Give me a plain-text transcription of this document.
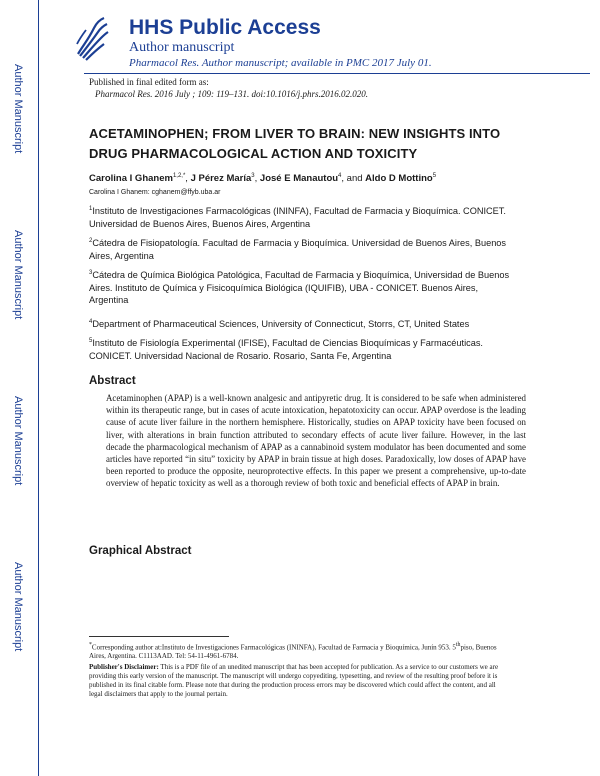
Author Manuscript
Author Manuscript
Author Manuscript
Author Manuscript
HHS Public Access
Author manuscript
Pharmacol Res. Author manuscript; available in PMC 2017 July 01.
Published in final edited form as:
Pharmacol Res. 2016 July ; 109: 119–131. doi:10.1016/j.phrs.2016.02.020.
ACETAMINOPHEN; FROM LIVER TO BRAIN: NEW INSIGHTS INTO DRUG PHARMACOLOGICAL ACTION AND TOXICITY
Carolina I Ghanem$^{1,2,*}$, J Pérez María$^3$, José E Manautou$^4$, and Aldo D Mottino$^5$
Carolina I Ghanem: cghanem@ffyb.uba.ar
$^1$Instituto de Investigaciones Farmacológicas (ININFA), Facultad de Farmacia y Bioquímica. CONICET. Universidad de Buenos Aires, Buenos Aires, Argentina
$^2$Cátedra de Fisiopatología. Facultad de Farmacia y Bioquímica. Universidad de Buenos Aires, Buenos Aires, Argentina
$^3$Cátedra de Química Biológica Patológica, Facultad de Farmacia y Bioquímica, Universidad de Buenos Aires. Instituto de Química y Fisicoquímica Biológica (IQUIFIB), UBA - CONICET. Buenos Aires, Argentina
$^4$Department of Pharmaceutical Sciences, University of Connecticut, Storrs, CT, United States
$^5$Instituto de Fisiología Experimental (IFISE), Facultad de Ciencias Bioquímicas y Farmacéuticas. CONICET. Universidad Nacional de Rosario. Rosario, Santa Fe, Argentina
Abstract
Acetaminophen (APAP) is a well-known analgesic and antipyretic drug. It is considered to be safe when administered within its therapeutic range, but in cases of acute intoxication, hepatotoxicity can occur. APAP overdose is the leading cause of acute liver failure in the northern hemisphere. Historically, studies on APAP toxicity have been focused on liver, with alterations in brain function attributed to secondary effects of acute liver failure. However, in the last decade the pharmacological mechanism of APAP as a cannabinoid system modulator has been documented and some articles have reported “in situ” toxicity by APAP in brain tissue at high doses. Paradoxically, low doses of APAP have been reported to produce the opposite, neuroprotective effects. In this paper we present a comprehensive, up-to-date overview of hepatic toxicity as well as a thorough review of both toxic and beneficial effects of APAP in brain.
Graphical Abstract
*Corresponding author at:Instituto de Investigaciones Farmacológicas (ININFA), Facultad de Farmacia y Bioquímica, Junín 953. 5thpiso, Buenos Aires, Argentina. C1113AAD. Tel: 54-11-4961-6784.
Publisher's Disclaimer: This is a PDF file of an unedited manuscript that has been accepted for publication. As a service to our customers we are providing this early version of the manuscript. The manuscript will undergo copyediting, typesetting, and review of the resulting proof before it is published in its final citable form. Please note that during the production process errors may be discovered which could affect the content, and all legal disclaimers that apply to the journal pertain.
